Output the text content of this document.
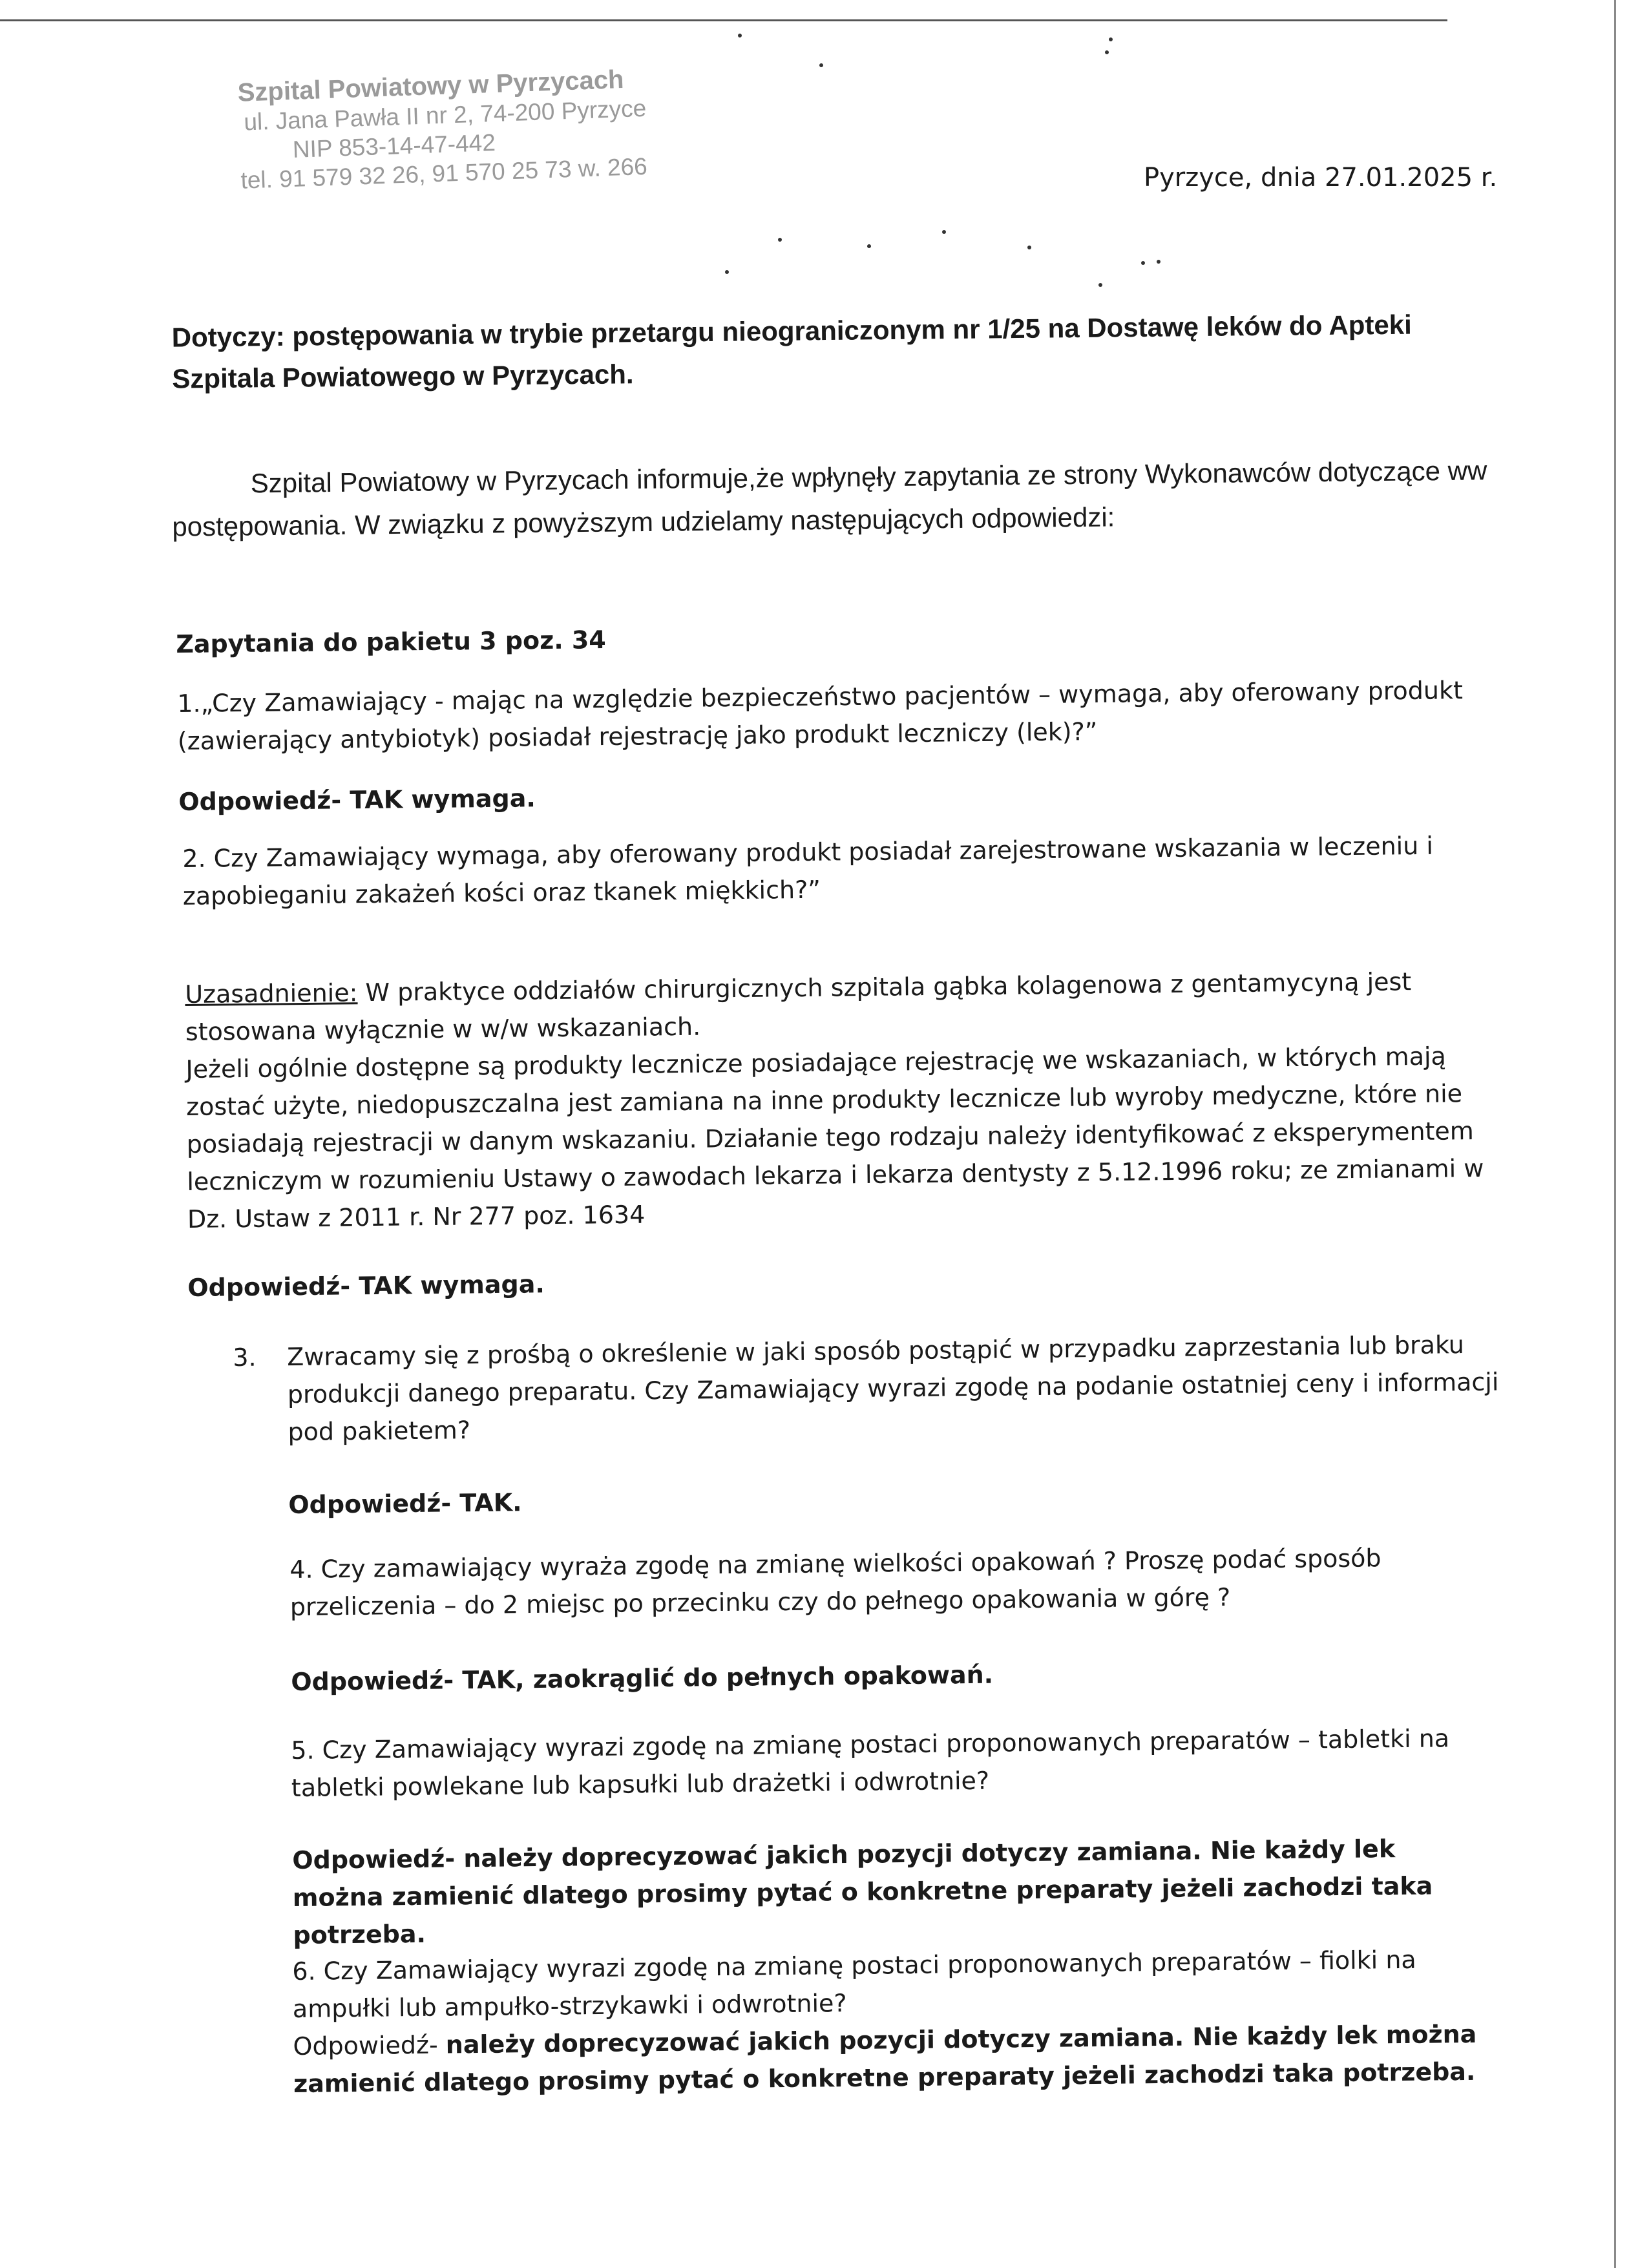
Szpital Powiatowy w Pyrzycach
ul. Jana Pawła II nr 2, 74-200 Pyrzyce
NIP 853-14-47-442
tel. 91 579 32 26, 91 570 25 73 w. 266	Pyrzyce, dnia 27.01.2025 r.
Dotyczy: postępowania w trybie przetargu nieograniczonym nr 1/25 na Dostawę leków do Apteki Szpitala Powiatowego w Pyrzycach.
Szpital Powiatowy w Pyrzycach informuje,że wpłynęły zapytania ze strony Wykonawców dotyczące ww postępowania. W związku z powyższym udzielamy następujących odpowiedzi:
Zapytania do pakietu 3 poz. 34
1.„Czy Zamawiający - mając na względzie bezpieczeństwo pacjentów – wymaga, aby oferowany produkt (zawierający antybiotyk) posiadał rejestrację jako produkt leczniczy (lek)?”
Odpowiedź- TAK wymaga.
2. Czy Zamawiający wymaga, aby oferowany produkt posiadał zarejestrowane wskazania w leczeniu i zapobieganiu zakażeń kości oraz tkanek miękkich?”
Uzasadnienie: W praktyce oddziałów chirurgicznych szpitala gąbka kolagenowa z gentamycyną jest stosowana wyłącznie w w/w wskazaniach.
Jeżeli ogólnie dostępne są produkty lecznicze posiadające rejestrację we wskazaniach, w których mają zostać użyte, niedopuszczalna jest zamiana na inne produkty lecznicze lub wyroby medyczne, które nie posiadają rejestracji w danym wskazaniu. Działanie tego rodzaju należy identyfikować z eksperymentem leczniczym w rozumieniu Ustawy o zawodach lekarza i lekarza dentysty z 5.12.1996 roku; ze zmianami w Dz. Ustaw z 2011 r. Nr 277 poz. 1634
Odpowiedź- TAK wymaga.
3. Zwracamy się z prośbą o określenie w jaki sposób postąpić w przypadku zaprzestania lub braku produkcji danego preparatu. Czy Zamawiający wyrazi zgodę na podanie ostatniej ceny i informacji pod pakietem?
Odpowiedź- TAK.
4. Czy zamawiający wyraża zgodę na zmianę wielkości opakowań ? Proszę podać sposób przeliczenia – do 2 miejsc po przecinku czy do pełnego opakowania w górę ?
Odpowiedź- TAK, zaokrąglić do pełnych opakowań.
5. Czy Zamawiający wyrazi zgodę na zmianę postaci proponowanych preparatów – tabletki na tabletki powlekane lub kapsułki lub drażetki i odwrotnie?
Odpowiedź- należy doprecyzować jakich pozycji dotyczy zamiana. Nie każdy lek można zamienić dlatego prosimy pytać o konkretne preparaty jeżeli zachodzi taka potrzeba.
6. Czy Zamawiający wyrazi zgodę na zmianę postaci proponowanych preparatów – fiolki na ampułki lub ampułko-strzykawki i odwrotnie?
Odpowiedź- należy doprecyzować jakich pozycji dotyczy zamiana. Nie każdy lek można zamienić dlatego prosimy pytać o konkretne preparaty jeżeli zachodzi taka potrzeba.
